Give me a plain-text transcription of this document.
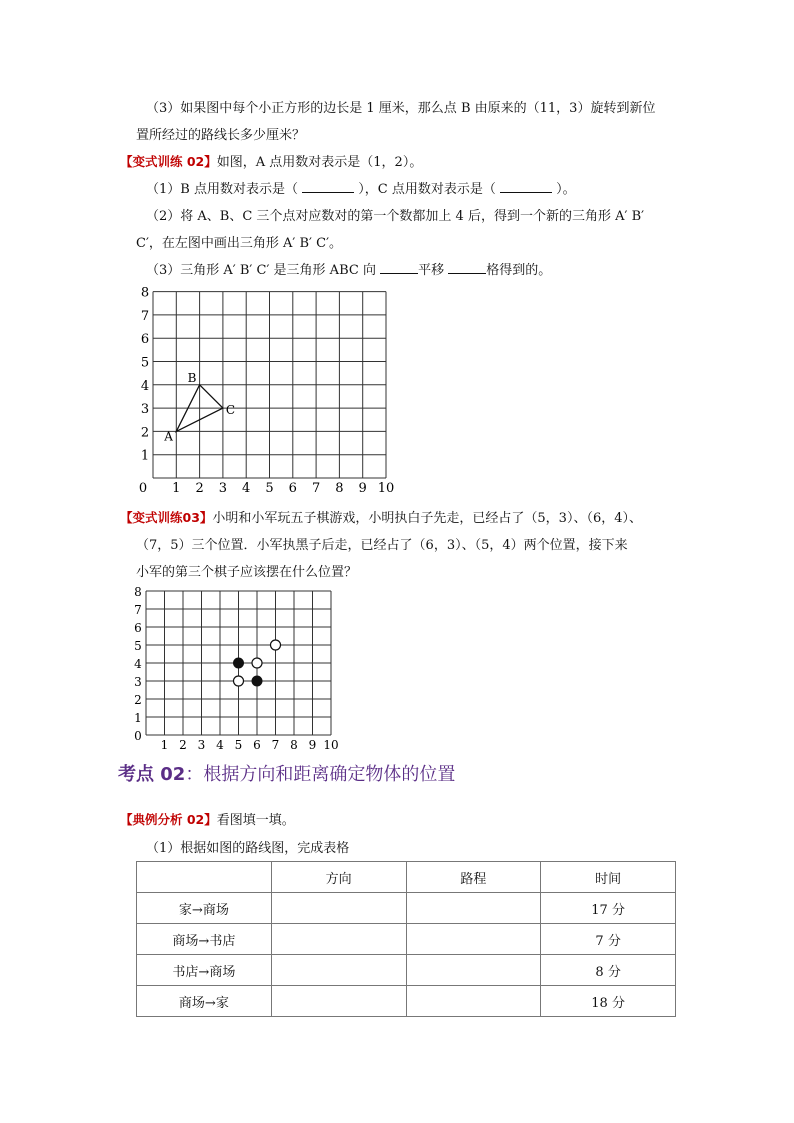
（3）如果图中每个小正方形的边长是 1 厘米，那么点 B 由原来的（11，3）旋转到新位
置所经过的路线长多少厘米？
【变式训练 02】如图，A 点用数对表示是（1，2）。
（1）B 点用数对表示是（	），C 点用数对表示是（	）。
（2）将 A、B、C 三个点对应数对的第一个数都加上 4 后，得到一个新的三角形 A′ B′
C′，在左图中画出三角形 A′ B′ C′。
（3）三角形 A′ B′ C′ 是三角形 ABC 向	平移	格得到的。
0 1 2 3 4 5 6 7 8 9 10
1
2
3
4
5
6
7
8
A
B
C
【变式训练03】小明和小军玩五子棋游戏，小明执白子先走，已经占了（5，3）、（6，4）、
（7，5）三个位置．小军执黑子后走，已经占了（6，3）、（5，4）两个位置，接下来
小军的第三个棋子应该摆在什么位置？
1 2 3 4 5 6 7 8 9 10
0
1
2
3
4
5
6
7
8
考点 02：根据方向和距离确定物体的位置
【典例分析 02】看图填一填。
（1）根据如图的路线图，完成表格
	方向	路程	时间
家→商场			17 分
商场→书店			7 分
书店→商场			8 分
商场→家			18 分
